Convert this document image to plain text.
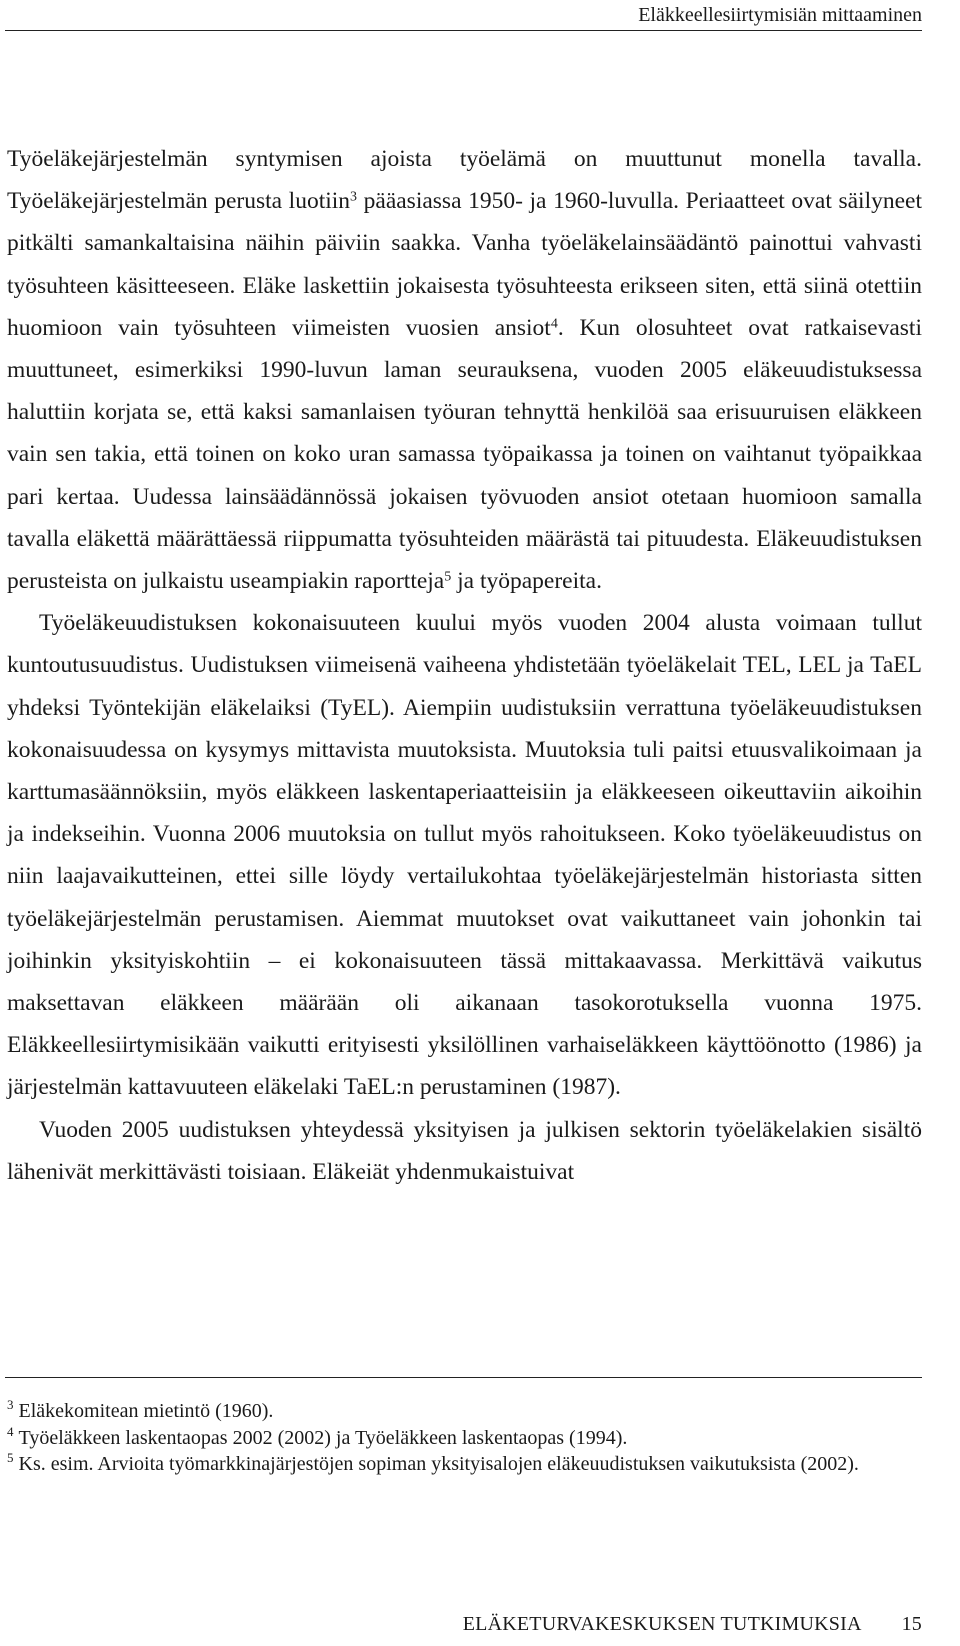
Eläkkeellesiirtymisiän mittaaminen

Työeläkejärjestelmän syntymisen ajoista työelämä on muuttunut monella tavalla. Työeläkejärjestelmän perusta luotiin$^3$ pääasiassa 1950- ja 1960-luvulla. Periaatteet ovat säilyneet pitkälti samankaltaisina näihin päiviin saakka. Vanha työeläkelainsäädäntö painottui vahvasti työsuhteen käsitteeseen. Eläke laskettiin jokaisesta työsuhteesta erikseen siten, että siinä otettiin huomioon vain työsuhteen viimeisten vuosien ansiot$^4$. Kun olosuhteet ovat ratkaisevasti muuttuneet, esimerkiksi 1990-luvun laman seurauksena, vuoden 2005 eläkeuudistuksessa haluttiin korjata se, että kaksi samanlaisen työuran tehnyttä henkilöä saa erisuuruisen eläkkeen vain sen takia, että toinen on koko uran samassa työpaikassa ja toinen on vaihtanut työpaikkaa pari kertaa. Uudessa lainsäädännössä jokaisen työvuoden ansiot otetaan huomioon samalla tavalla eläkettä määrättäessä riippumatta työsuhteiden määrästä tai pituudesta. Eläkeuudistuksen perusteista on julkaistu useampiakin raportteja$^5$ ja työpapereita.

Työeläkeuudistuksen kokonaisuuteen kuului myös vuoden 2004 alusta voimaan tullut kuntoutusuudistus. Uudistuksen viimeisenä vaiheena yhdistetään työeläkelait TEL, LEL ja TaEL yhdeksi Työntekijän eläkelaiksi (TyEL). Aiempiin uudistuksiin verrattuna työeläkeuudistuksen kokonaisuudessa on kysymys mittavista muutoksista. Muutoksia tuli paitsi etuusvalikoimaan ja karttumasäännöksiin, myös eläkkeen laskentaperiaatteisiin ja eläkkeeseen oikeuttaviin aikoihin ja indekseihin. Vuonna 2006 muutoksia on tullut myös rahoitukseen. Koko työeläkeuudistus on niin laajavaikutteinen, ettei sille löydy vertailukohtaa työeläkejärjestelmän historiasta sitten työeläkejärjestelmän perustamisen. Aiemmat muutokset ovat vaikuttaneet vain johonkin tai joihinkin yksityiskohtiin – ei kokonaisuuteen tässä mittakaavassa. Merkittävä vaikutus maksettavan eläkkeen määrään oli aikanaan tasokorotuksella vuonna 1975. Eläkkeellesiirtymisikään vaikutti erityisesti yksilöllinen varhaiseläkkeen käyttöönotto (1986) ja järjestelmän kattavuuteen eläkelaki TaEL:n perustaminen (1987).

Vuoden 2005 uudistuksen yhteydessä yksityisen ja julkisen sektorin työeläkelakien sisältö lähenivät merkittävästi toisiaan. Eläkeiät yhdenmukaistuivat

$^3$ Eläkekomitean mietintö (1960).

$^4$ Työeläkkeen laskentaopas 2002 (2002) ja Työeläkkeen laskentaopas (1994).

$^5$ Ks. esim. Arvioita työmarkkinajärjestöjen sopiman yksityisalojen eläkeuudistuksen vaikutuksista (2002).

ELÄKETURVAKESKUKSEN TUTKIMUKSIA 15
